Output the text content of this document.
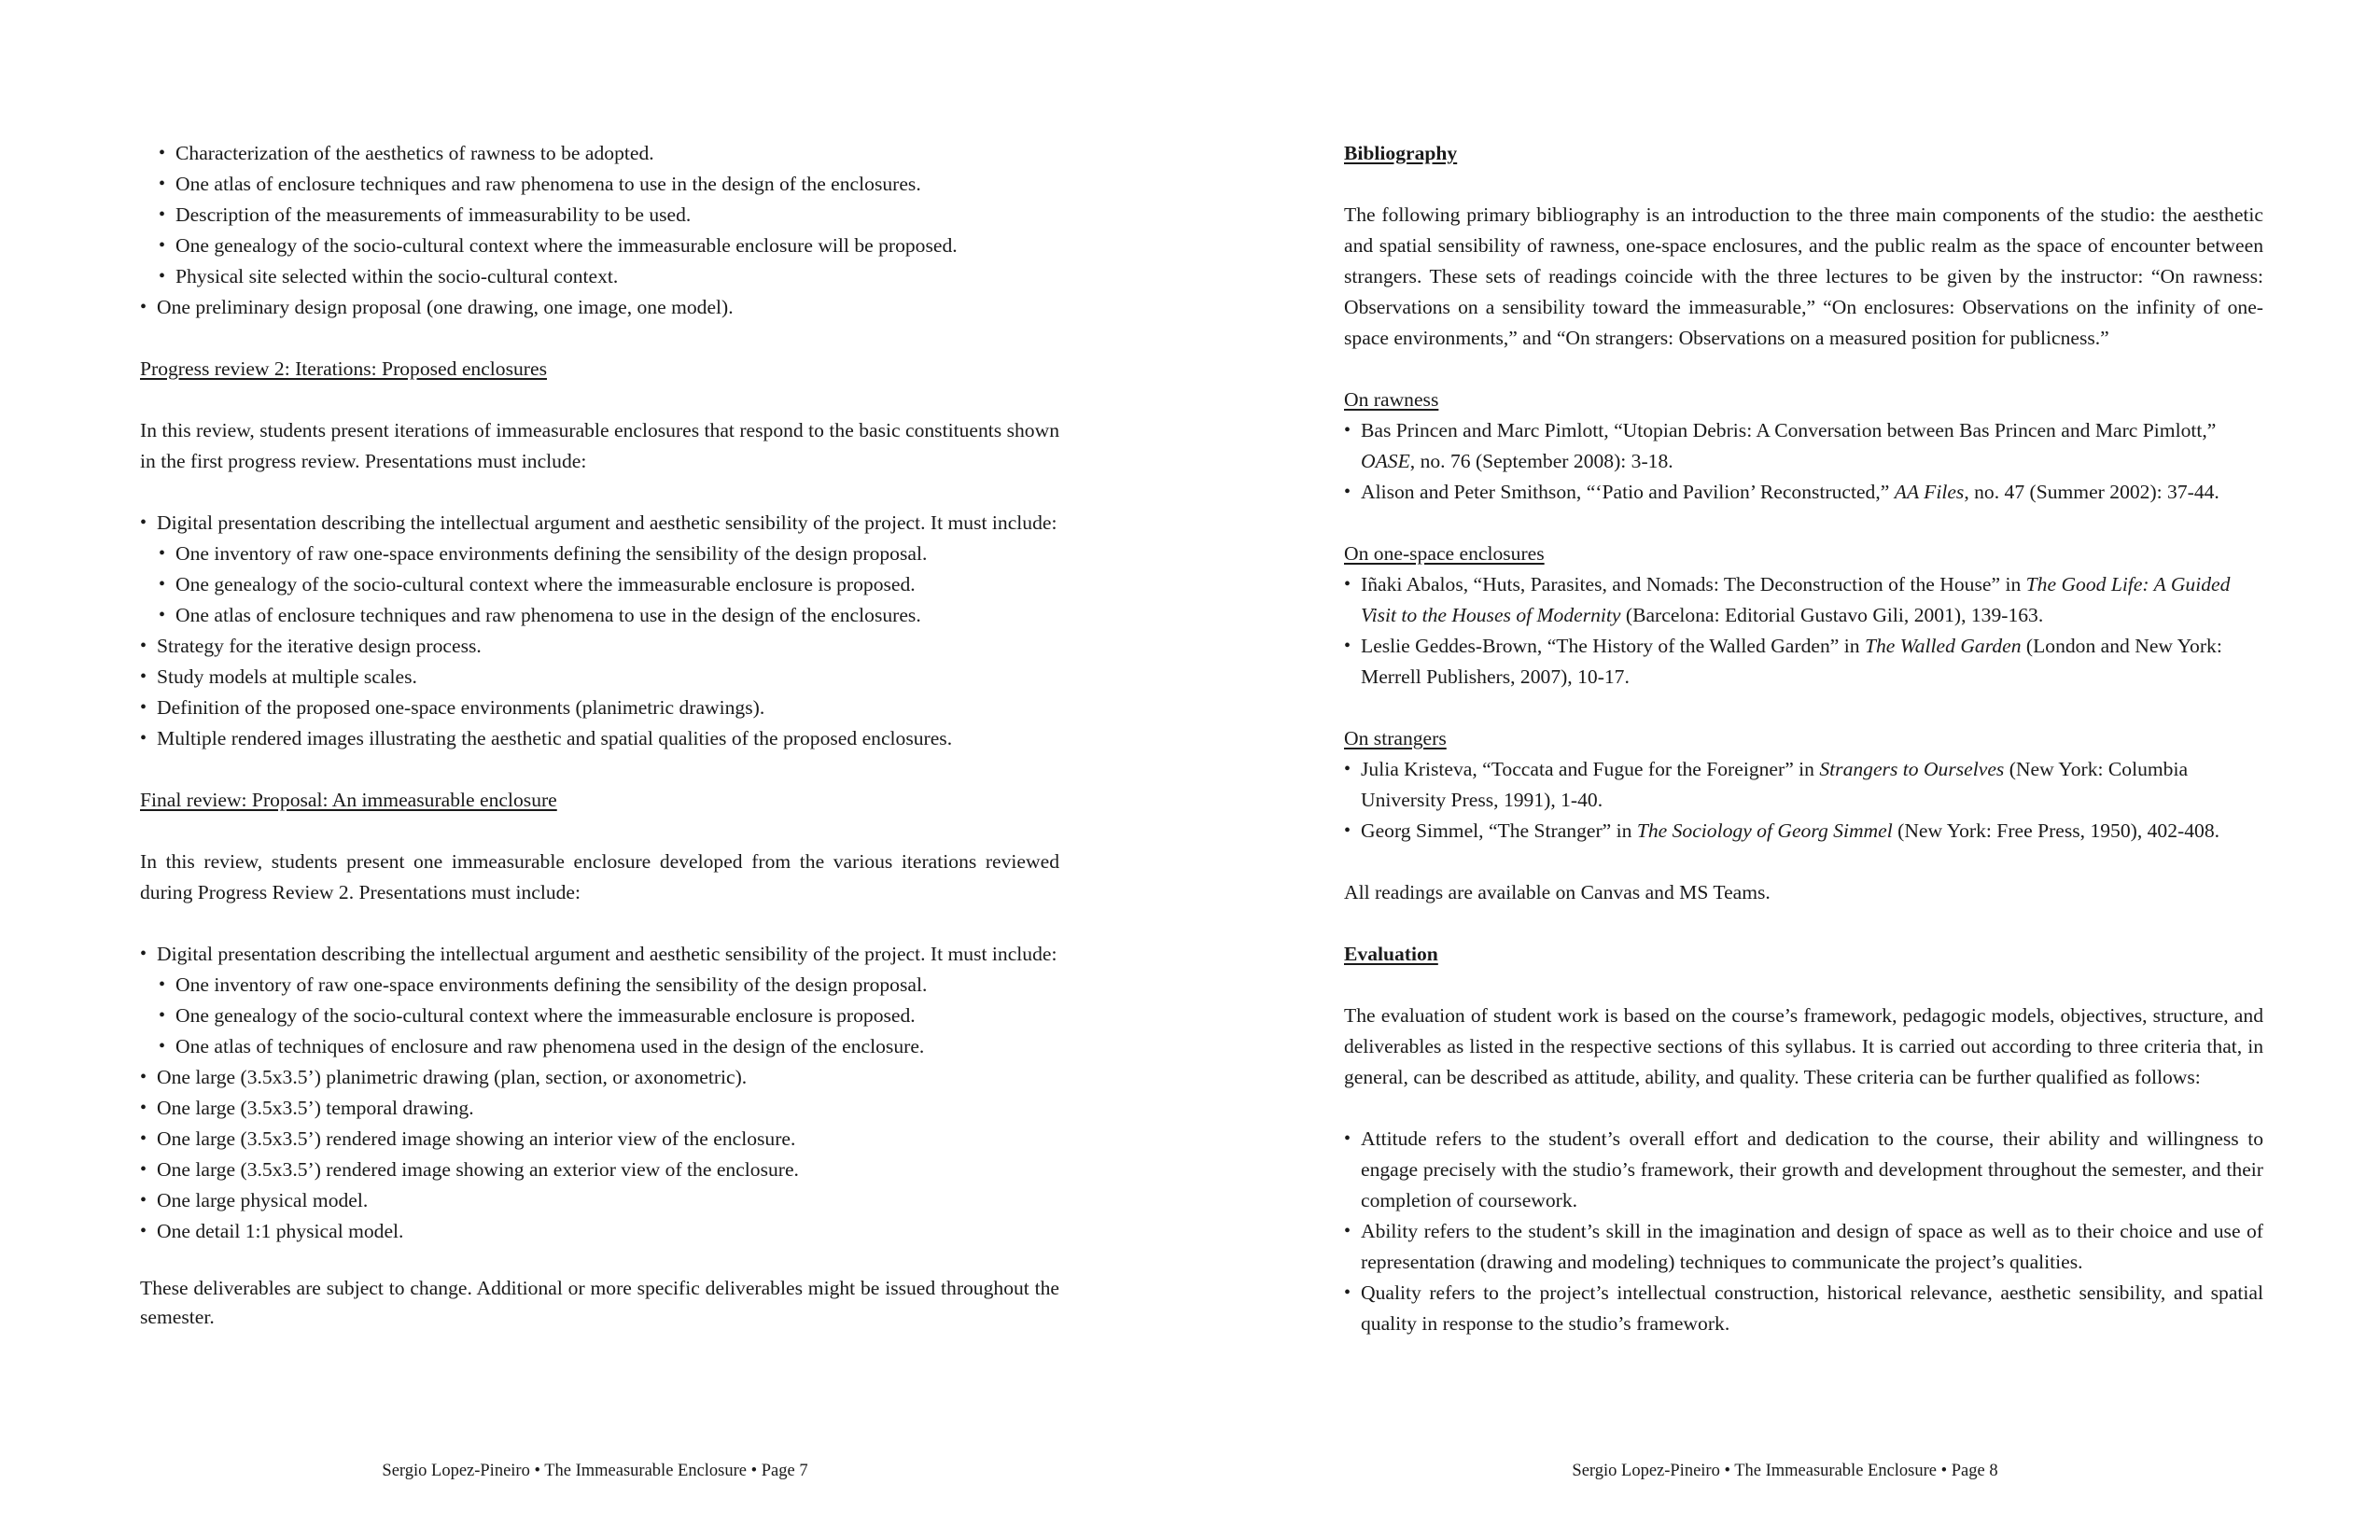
• Characterization of the aesthetics of rawness to be adopted.
• One atlas of enclosure techniques and raw phenomena to use in the design of the enclosures.
• Description of the measurements of immeasurability to be used.
• One genealogy of the socio-cultural context where the immeasurable enclosure will be proposed.
• Physical site selected within the socio-cultural context.
• One preliminary design proposal (one drawing, one image, one model).

Progress review 2: Iterations: Proposed enclosures

In this review, students present iterations of immeasurable enclosures that respond to the basic constituents shown in the first progress review. Presentations must include:

• Digital presentation describing the intellectual argument and aesthetic sensibility of the project. It must include:
• One inventory of raw one-space environments defining the sensibility of the design proposal.
• One genealogy of the socio-cultural context where the immeasurable enclosure is proposed.
• One atlas of enclosure techniques and raw phenomena to use in the design of the enclosures.
• Strategy for the iterative design process.
• Study models at multiple scales.
• Definition of the proposed one-space environments (planimetric drawings).
• Multiple rendered images illustrating the aesthetic and spatial qualities of the proposed enclosures.

Final review: Proposal: An immeasurable enclosure

In this review, students present one immeasurable enclosure developed from the various iterations reviewed during Progress Review 2. Presentations must include:

• Digital presentation describing the intellectual argument and aesthetic sensibility of the project. It must include:
• One inventory of raw one-space environments defining the sensibility of the design proposal.
• One genealogy of the socio-cultural context where the immeasurable enclosure is proposed.
• One atlas of techniques of enclosure and raw phenomena used in the design of the enclosure.
• One large (3.5x3.5’) planimetric drawing (plan, section, or axonometric).
• One large (3.5x3.5’) temporal drawing.
• One large (3.5x3.5’) rendered image showing an interior view of the enclosure.
• One large (3.5x3.5’) rendered image showing an exterior view of the enclosure.
• One large physical model.
• One detail 1:1 physical model.

These deliverables are subject to change. Additional or more specific deliverables might be issued throughout the semester.

Sergio Lopez-Pineiro • The Immeasurable Enclosure • Page 7

Bibliography

The following primary bibliography is an introduction to the three main components of the studio: the aesthetic and spatial sensibility of rawness, one-space enclosures, and the public realm as the space of encounter between strangers. These sets of readings coincide with the three lectures to be given by the instructor: “On rawness: Observations on a sensibility toward the immeasurable,” “On enclosures: Observations on the infinity of one-space environments,” and “On strangers: Observations on a measured position for publicness.”

On rawness

• Bas Princen and Marc Pimlott, “Utopian Debris: A Conversation between Bas Princen and Marc Pimlott,” OASE, no. 76 (September 2008): 3-18.
• Alison and Peter Smithson, “‘Patio and Pavilion’ Reconstructed,” AA Files, no. 47 (Summer 2002): 37-44.

On one-space enclosures

• Iñaki Abalos, “Huts, Parasites, and Nomads: The Deconstruction of the House” in The Good Life: A Guided Visit to the Houses of Modernity (Barcelona: Editorial Gustavo Gili, 2001), 139-163.
• Leslie Geddes-Brown, “The History of the Walled Garden” in The Walled Garden (London and New York: Merrell Publishers, 2007), 10-17.

On strangers

• Julia Kristeva, “Toccata and Fugue for the Foreigner” in Strangers to Ourselves (New York: Columbia University Press, 1991), 1-40.
• Georg Simmel, “The Stranger” in The Sociology of Georg Simmel (New York: Free Press, 1950), 402-408.

All readings are available on Canvas and MS Teams.

Evaluation

The evaluation of student work is based on the course’s framework, pedagogic models, objectives, structure, and deliverables as listed in the respective sections of this syllabus. It is carried out according to three criteria that, in general, can be described as attitude, ability, and quality. These criteria can be further qualified as follows:

• Attitude refers to the student’s overall effort and dedication to the course, their ability and willingness to engage precisely with the studio’s framework, their growth and development throughout the semester, and their completion of coursework.
• Ability refers to the student’s skill in the imagination and design of space as well as to their choice and use of representation (drawing and modeling) techniques to communicate the project’s qualities.
• Quality refers to the project’s intellectual construction, historical relevance, aesthetic sensibility, and spatial quality in response to the studio’s framework.
Sergio Lopez-Pineiro • The Immeasurable Enclosure • Page 8
